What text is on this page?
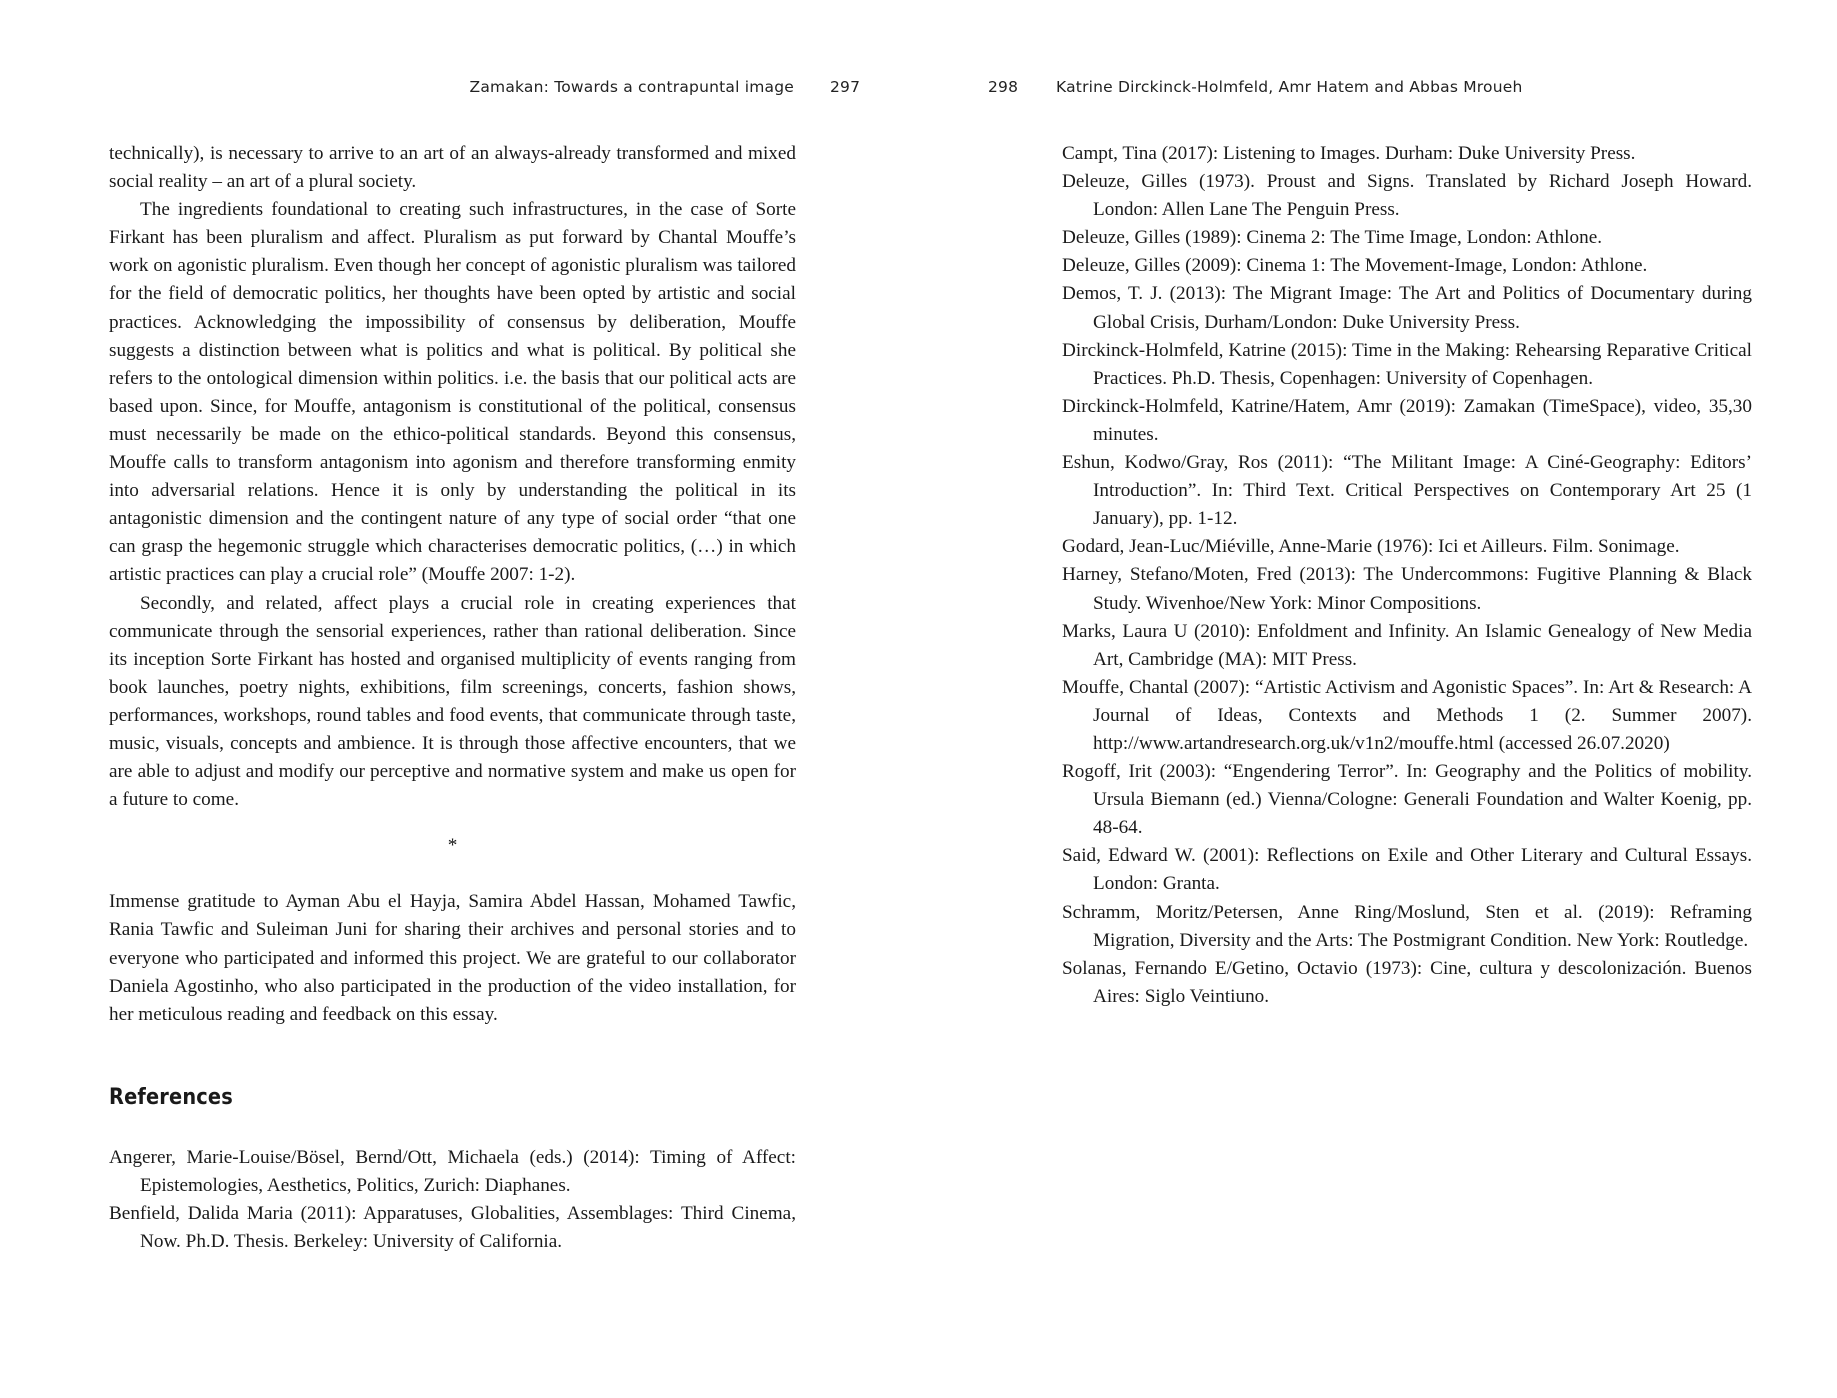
Zamakan: Towards a contrapuntal image 297

technically), is necessary to arrive to an art of an always-already transformed and mixed social reality – an art of a plural society.

The ingredients foundational to creating such infrastructures, in the case of Sorte Firkant has been pluralism and affect. Pluralism as put forward by Chantal Mouffe’s work on agonistic pluralism. Even though her concept of agonistic pluralism was tailored for the field of democratic politics, her thoughts have been opted by artistic and social practices. Acknowledging the impossibility of consensus by deliberation, Mouffe suggests a distinction between what is politics and what is political. By political she refers to the ontological dimension within politics. i.e. the basis that our political acts are based upon. Since, for Mouffe, antagonism is constitutional of the political, consensus must necessarily be made on the ethico-political standards. Beyond this consensus, Mouffe calls to transform antagonism into agonism and therefore transforming enmity into adversarial relations. Hence it is only by understanding the political in its antagonistic dimension and the contingent nature of any type of social order “that one can grasp the hegemonic struggle which characterises democratic politics, (…) in which artistic practices can play a crucial role” (Mouffe 2007: 1-2).

Secondly, and related, affect plays a crucial role in creating experiences that communicate through the sensorial experiences, rather than rational deliberation. Since its inception Sorte Firkant has hosted and organised multiplicity of events ranging from book launches, poetry nights, exhibitions, film screenings, concerts, fashion shows, performances, workshops, round tables and food events, that communicate through taste, music, visuals, concepts and ambience. It is through those affective encounters, that we are able to adjust and modify our perceptive and normative system and make us open for a future to come.

*

Immense gratitude to Ayman Abu el Hayja, Samira Abdel Hassan, Mohamed Tawfic, Rania Tawfic and Suleiman Juni for sharing their archives and personal stories and to everyone who participated and informed this project. We are grateful to our collaborator Daniela Agostinho, who also participated in the production of the video installation, for her meticulous reading and feedback on this essay.

References

Angerer, Marie-Louise/Bösel, Bernd/Ott, Michaela (eds.) (2014): Timing of Affect: Epistemologies, Aesthetics, Politics, Zurich: Diaphanes.

Benfield, Dalida Maria (2011): Apparatuses, Globalities, Assemblages: Third Cinema, Now. Ph.D. Thesis. Berkeley: University of California.

298 Katrine Dirckinck-Holmfeld, Amr Hatem and Abbas Mroueh

Campt, Tina (2017): Listening to Images. Durham: Duke University Press.

Deleuze, Gilles (1973). Proust and Signs. Translated by Richard Joseph Howard. London: Allen Lane The Penguin Press.

Deleuze, Gilles (1989): Cinema 2: The Time Image, London: Athlone.

Deleuze, Gilles (2009): Cinema 1: The Movement-Image, London: Athlone.

Demos, T. J. (2013): The Migrant Image: The Art and Politics of Documentary during Global Crisis, Durham/London: Duke University Press.

Dirckinck-Holmfeld, Katrine (2015): Time in the Making: Rehearsing Reparative Critical Practices. Ph.D. Thesis, Copenhagen: University of Copenhagen.

Dirckinck-Holmfeld, Katrine/Hatem, Amr (2019): Zamakan (TimeSpace), video, 35,30 minutes.

Eshun, Kodwo/Gray, Ros (2011): “The Militant Image: A Ciné-Geography: Editors’ Introduction”. In: Third Text. Critical Perspectives on Contemporary Art 25 (1 January), pp. 1-12.

Godard, Jean-Luc/Miéville, Anne-Marie (1976): Ici et Ailleurs. Film. Sonimage.

Harney, Stefano/Moten, Fred (2013): The Undercommons: Fugitive Planning & Black Study. Wivenhoe/New York: Minor Compositions.

Marks, Laura U (2010): Enfoldment and Infinity. An Islamic Genealogy of New Media Art, Cambridge (MA): MIT Press.

Mouffe, Chantal (2007): “Artistic Activism and Agonistic Spaces”. In: Art & Research: A Journal of Ideas, Contexts and Methods 1 (2. Summer 2007). http://www.artandresearch.org.uk/v1n2/mouffe.html (accessed 26.07.2020)

Rogoff, Irit (2003): “Engendering Terror”. In: Geography and the Politics of mobility. Ursula Biemann (ed.) Vienna/Cologne: Generali Foundation and Walter Koenig, pp. 48-64.

Said, Edward W. (2001): Reflections on Exile and Other Literary and Cultural Essays. London: Granta.

Schramm, Moritz/Petersen, Anne Ring/Moslund, Sten et al. (2019): Reframing Migration, Diversity and the Arts: The Postmigrant Condition. New York: Routledge.

Solanas, Fernando E/Getino, Octavio (1973): Cine, cultura y descolonización. Buenos Aires: Siglo Veintiuno.
